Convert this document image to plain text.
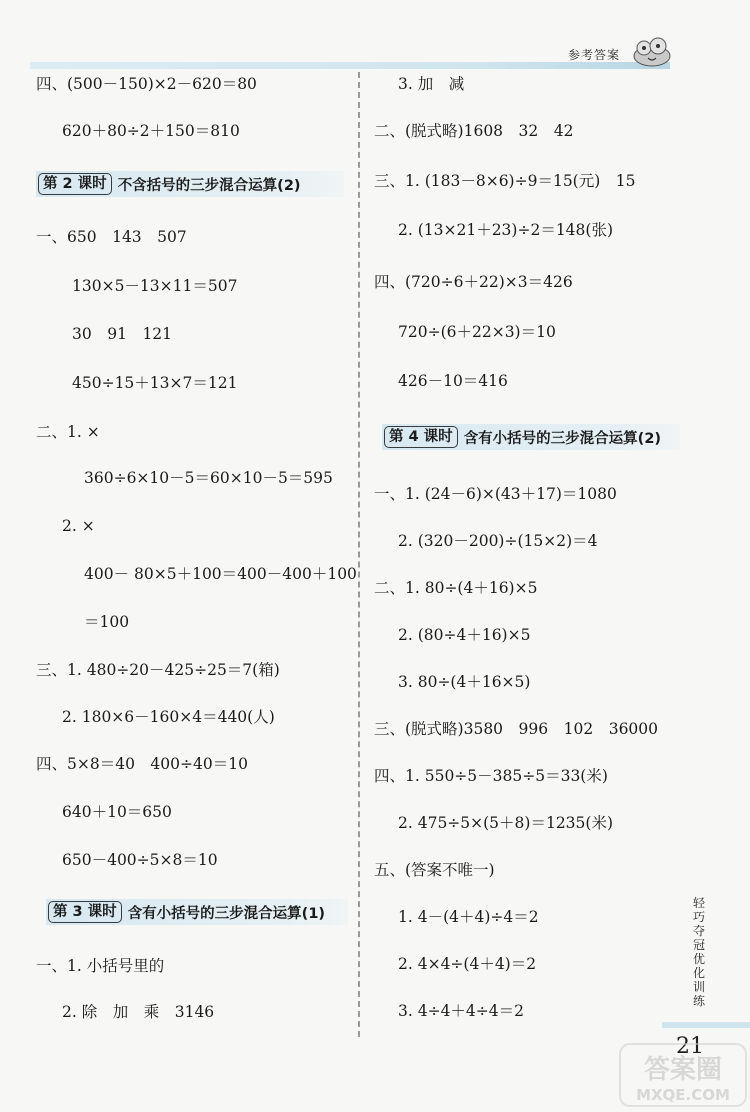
参考答案
四、(500－150)×2－620＝80
620＋80÷2＋150＝810
第 2 课时 不含括号的三步混合运算(2)
一、650　143　507
130×5－13×11＝507
30　91　121
450÷15＋13×7＝121
二、1. ×
360÷6×10－5＝60×10－5＝595
2. ×
400－ 80×5＋100＝400－400＋100
＝100
三、1. 480÷20－425÷25＝7(箱)
2. 180×6－160×4＝440(人)
四、5×8＝40　400÷40＝10
640＋10＝650
650－400÷5×8＝10
第 3 课时 含有小括号的三步混合运算(1)
一、1. 小括号里的
2. 除　加　乘　3146
3. 加　减
二、(脱式略)1608　32　42
三、1. (183－8×6)÷9＝15(元)　15
2. (13×21＋23)÷2＝148(张)
四、(720÷6＋22)×3＝426
720÷(6＋22×3)＝10
426－10＝416
第 4 课时 含有小括号的三步混合运算(2)
一、1. (24－6)×(43＋17)＝1080
2. (320－200)÷(15×2)＝4
二、1. 80÷(4＋16)×5
2. (80÷4＋16)×5
3. 80÷(4＋16×5)
三、(脱式略)3580　996　102　36000
四、1. 550÷5－385÷5＝33(米)
2. 475÷5×(5＋8)＝1235(米)
五、(答案不唯一)
1. 4－(4＋4)÷4＝2
2. 4×4÷(4＋4)＝2
3. 4÷4＋4÷4＝2
轻巧夺冠优化训练
21
答案圈
MXQE.COM
